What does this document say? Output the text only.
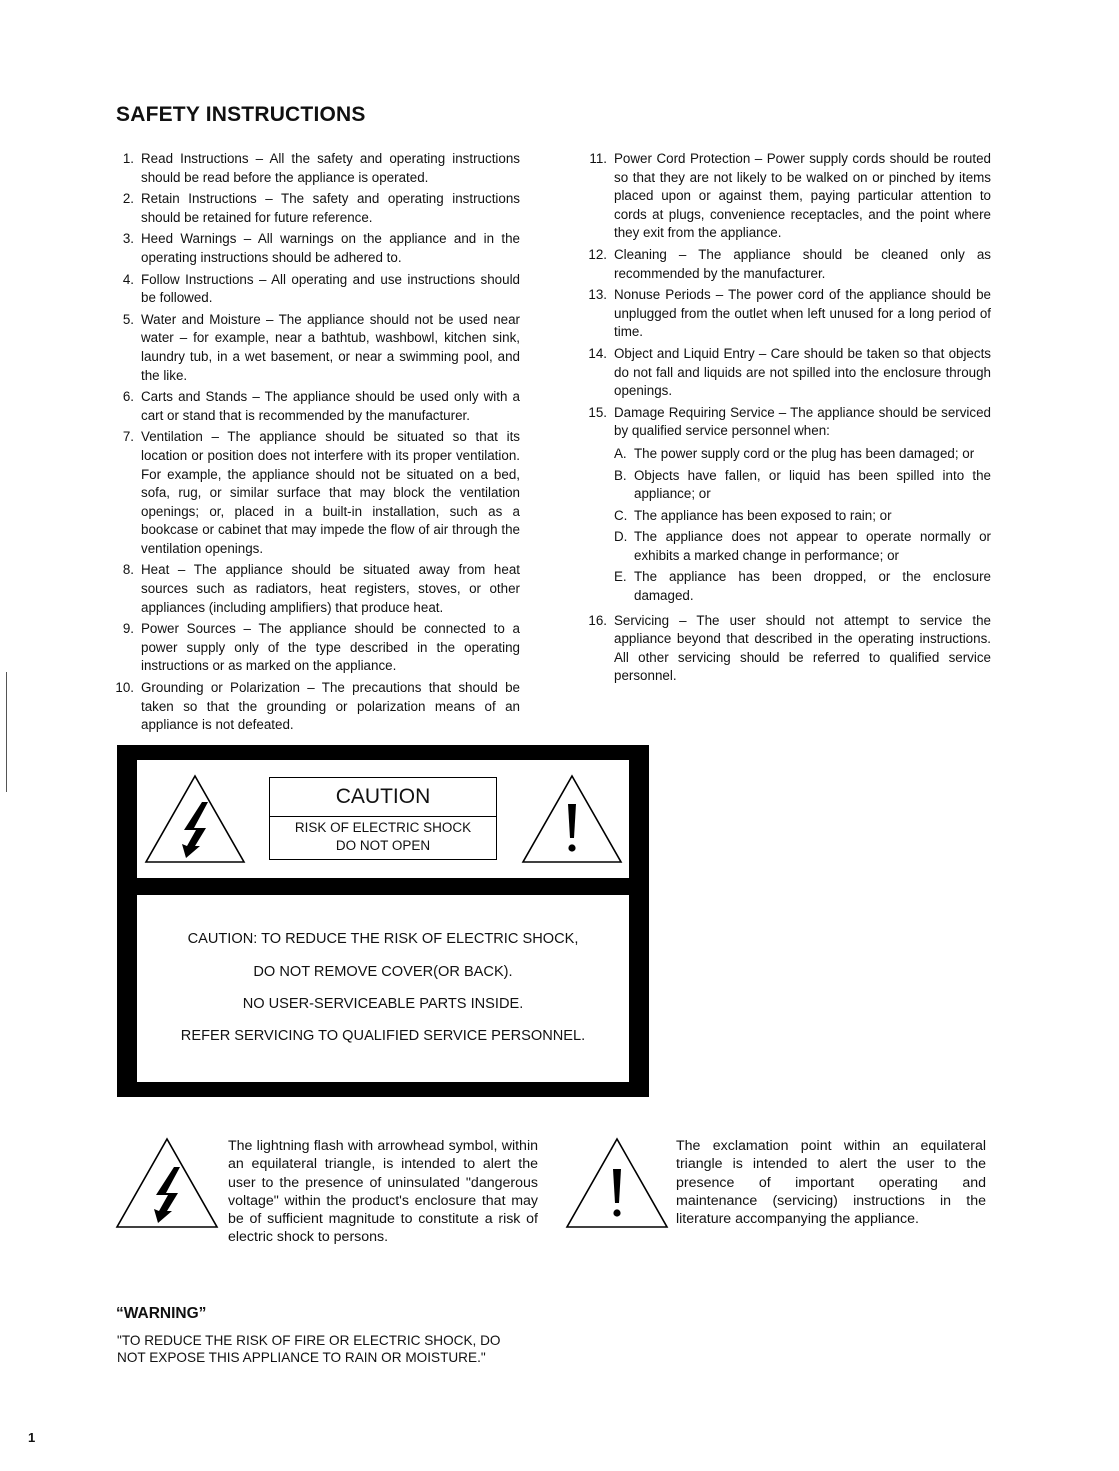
SAFETY INSTRUCTIONS
1. Read Instructions – All the safety and operating instructions should be read before the appliance is operated.
2. Retain Instructions – The safety and operating instructions should be retained for future reference.
3. Heed Warnings – All warnings on the appliance and in the operating instructions should be adhered to.
4. Follow Instructions – All operating and use instructions should be followed.
5. Water and Moisture – The appliance should not be used near water – for example, near a bathtub, washbowl, kitchen sink, laundry tub, in a wet basement, or near a swimming pool, and the like.
6. Carts and Stands – The appliance should be used only with a cart or stand that is recommended by the manufacturer.
7. Ventilation – The appliance should be situated so that its location or position does not interfere with its proper ventilation. For example, the appliance should not be situated on a bed, sofa, rug, or similar surface that may block the ventilation openings; or, placed in a built-in installation, such as a bookcase or cabinet that may impede the flow of air through the ventilation openings.
8. Heat – The appliance should be situated away from heat sources such as radiators, heat registers, stoves, or other appliances (including amplifiers) that produce heat.
9. Power Sources – The appliance should be connected to a power supply only of the type described in the operating instructions or as marked on the appliance.
10. Grounding or Polarization – The precautions that should be taken so that the grounding or polarization means of an appliance is not defeated.
11. Power Cord Protection – Power supply cords should be routed so that they are not likely to be walked on or pinched by items placed upon or against them, paying particular attention to cords at plugs, convenience receptacles, and the point where they exit from the appliance.
12. Cleaning – The appliance should be cleaned only as recommended by the manufacturer.
13. Nonuse Periods – The power cord of the appliance should be unplugged from the outlet when left unused for a long period of time.
14. Object and Liquid Entry – Care should be taken so that objects do not fall and liquids are not spilled into the enclosure through openings.
15. Damage Requiring Service – The appliance should be serviced by qualified service personnel when:
A. The power supply cord or the plug has been damaged; or
B. Objects have fallen, or liquid has been spilled into the appliance; or
C. The appliance has been exposed to rain; or
D. The appliance does not appear to operate normally or exhibits a marked change in performance; or
E. The appliance has been dropped, or the enclosure damaged.
16. Servicing – The user should not attempt to service the appliance beyond that described in the operating instructions. All other servicing should be referred to qualified service personnel.
CAUTION
RISK OF ELECTRIC SHOCK
DO NOT OPEN
CAUTION: TO REDUCE THE RISK OF ELECTRIC SHOCK,
DO NOT REMOVE COVER(OR BACK).
NO USER-SERVICEABLE PARTS INSIDE.
REFER SERVICING TO QUALIFIED SERVICE PERSONNEL.
The lightning flash with arrowhead symbol, within an equilateral triangle, is intended to alert the user to the presence of uninsulated "dangerous voltage" within the product's enclosure that may be of sufficient magnitude to constitute a risk of electric shock to persons.
The exclamation point within an equilateral triangle is intended to alert the user to the presence of important operating and maintenance (servicing) instructions in the literature accompanying the appliance.
“WARNING”
"TO REDUCE THE RISK OF FIRE OR ELECTRIC SHOCK, DO NOT EXPOSE THIS APPLIANCE TO RAIN OR MOISTURE."
1
